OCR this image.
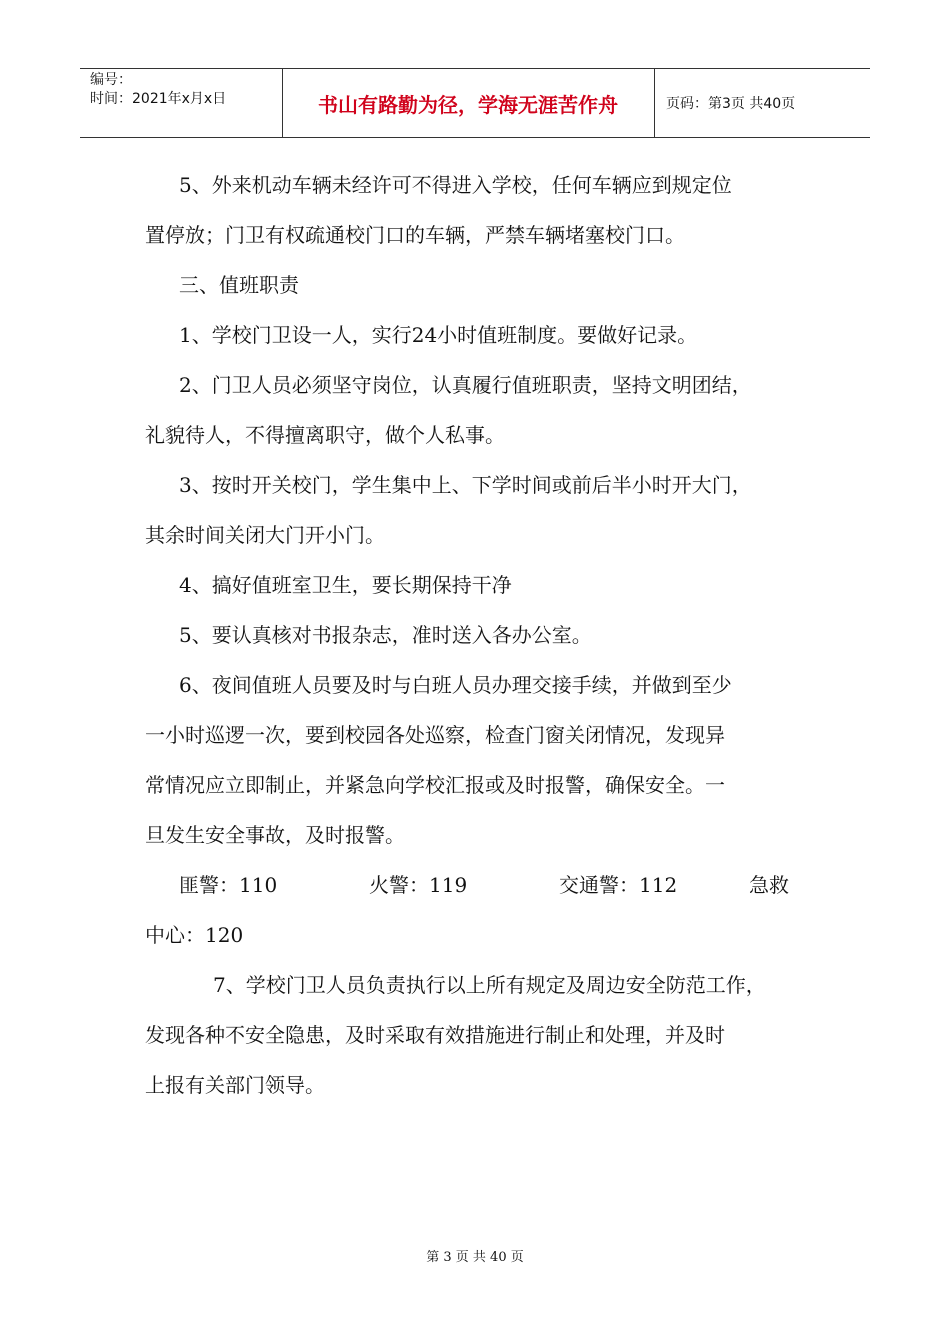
编号：
时间：2021年x月x日	书山有路勤为径，学海无涯苦作舟	页码：第3页 共40页

5、外来机动车辆未经许可不得进入学校，任何车辆应到规定位

置停放；门卫有权疏通校门口的车辆，严禁车辆堵塞校门口。

三、值班职责

1、学校门卫设一人，实行24小时值班制度。要做好记录。

2、门卫人员必须坚守岗位，认真履行值班职责，坚持文明团结，

礼貌待人，不得擅离职守，做个人私事。

3、按时开关校门，学生集中上、下学时间或前后半小时开大门，

其余时间关闭大门开小门。

4、搞好值班室卫生，要长期保持干净

5、要认真核对书报杂志，准时送入各办公室。

6、夜间值班人员要及时与白班人员办理交接手续，并做到至少

一小时巡逻一次，要到校园各处巡察，检查门窗关闭情况，发现异

常情况应立即制止，并紧急向学校汇报或及时报警，确保安全。一

旦发生安全事故，及时报警。

匪警：110	火警：119	交通警：112	急救

中心：120

7、学校门卫人员负责执行以上所有规定及周边安全防范工作，

发现各种不安全隐患，及时采取有效措施进行制止和处理，并及时

上报有关部门领导。

第 3 页 共 40 页
